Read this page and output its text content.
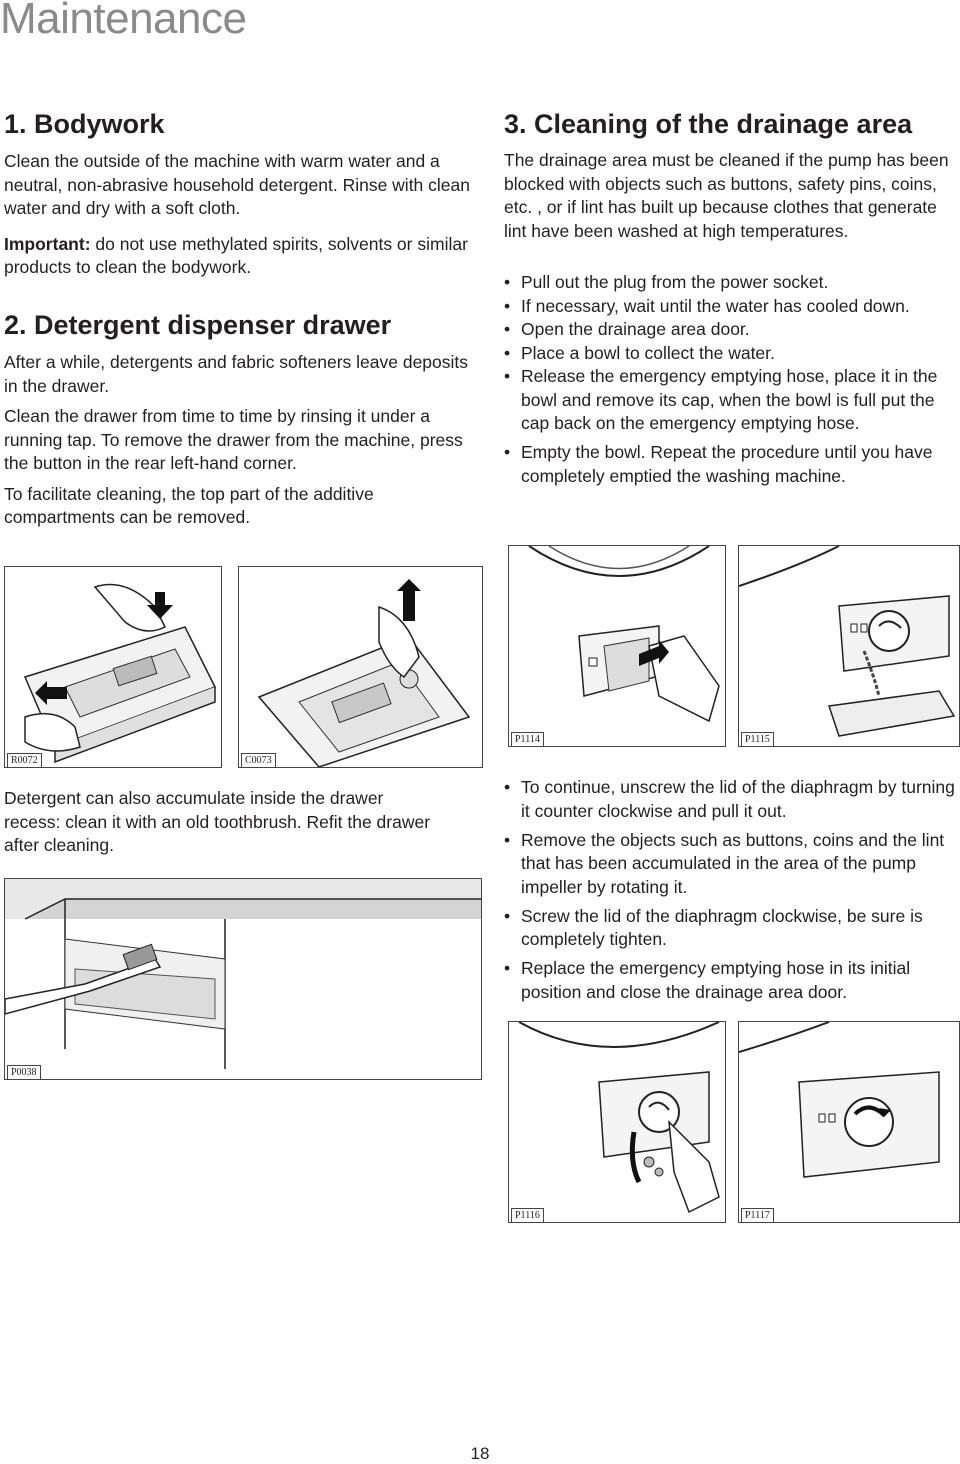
Maintenance
1. Bodywork

Clean the outside of the machine with warm water and a neutral, non-abrasive household detergent. Rinse with clean water and dry with a soft cloth.

Important: do not use methylated spirits, solvents or similar products to clean the bodywork.

2. Detergent dispenser drawer

After a while, detergents and fabric softeners leave deposits in the drawer.

Clean the drawer from time to time by rinsing it under a running tap. To remove the drawer from the machine, press the button in the rear left-hand corner.

To facilitate cleaning, the top part of the additive compartments can be removed.

R0072	C0073

Detergent can also accumulate inside the drawer recess: clean it with an old toothbrush. Refit the drawer after cleaning.

P0038
3. Cleaning of the drainage area

The drainage area must be cleaned if the pump has been blocked with objects such as buttons, safety pins, coins, etc. , or if lint has built up because clothes that generate lint have been washed at high temperatures.

• Pull out the plug from the power socket.
• If necessary, wait until the water has cooled down.
• Open the drainage area door.
• Place a bowl to collect the water.
• Release the emergency emptying hose, place it in the bowl and remove its cap, when the bowl is full put the cap back on the emergency emptying hose.
• Empty the bowl. Repeat the procedure until you have completely emptied the washing machine.
P1114	P1115
• To continue, unscrew the lid of the diaphragm by turning it counter clockwise and pull it out.
• Remove the objects such as buttons, coins and the lint that has been accumulated in the area of the pump impeller by rotating it.
• Screw the lid of the diaphragm clockwise, be sure is completely tighten.
• Replace the emergency emptying hose in its initial position and close the drainage area door.
P1116	P1117
18
